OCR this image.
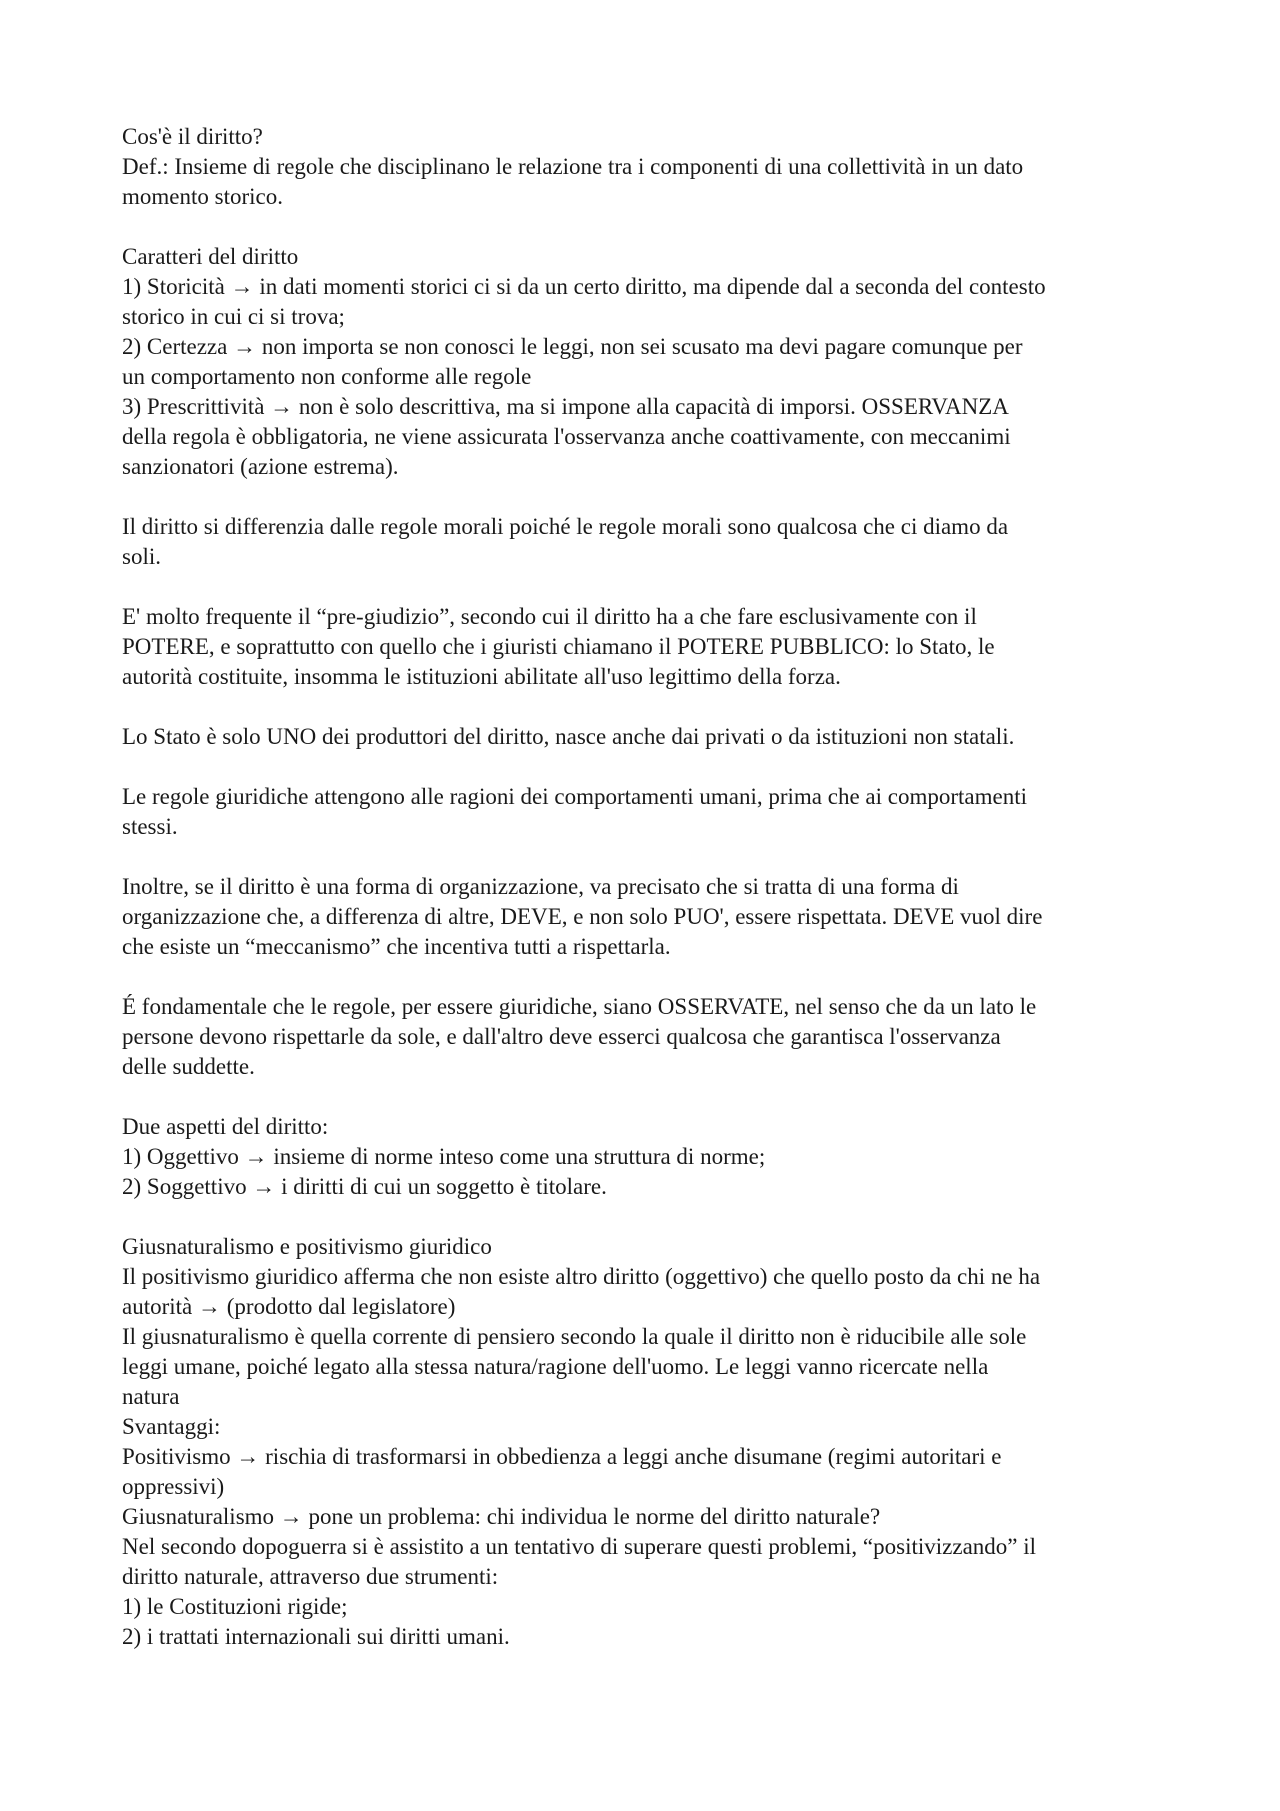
Cos'è il diritto?
Def.: Insieme di regole che disciplinano le relazione tra i componenti di una collettività in un dato
momento storico.
Caratteri del diritto
1) Storicità → in dati momenti storici ci si da un certo diritto, ma dipende dal a seconda del contesto
storico in cui ci si trova;
2) Certezza → non importa se non conosci le leggi, non sei scusato ma devi pagare comunque per
un comportamento non conforme alle regole
3) Prescrittività → non è solo descrittiva, ma si impone alla capacità di imporsi. OSSERVANZA
della regola è obbligatoria, ne viene assicurata l'osservanza anche coattivamente, con meccanimi
sanzionatori (azione estrema).
Il diritto si differenzia dalle regole morali poiché le regole morali sono qualcosa che ci diamo da
soli.
E' molto frequente il “pre-giudizio”, secondo cui il diritto ha a che fare esclusivamente con il
POTERE, e soprattutto con quello che i giuristi chiamano il POTERE PUBBLICO: lo Stato, le
autorità costituite, insomma le istituzioni abilitate all'uso legittimo della forza.
Lo Stato è solo UNO dei produttori del diritto, nasce anche dai privati o da istituzioni non statali.
Le regole giuridiche attengono alle ragioni dei comportamenti umani, prima che ai comportamenti
stessi.
Inoltre, se il diritto è una forma di organizzazione, va precisato che si tratta di una forma di
organizzazione che, a differenza di altre, DEVE, e non solo PUO', essere rispettata. DEVE vuol dire
che esiste un “meccanismo” che incentiva tutti a rispettarla.
É fondamentale che le regole, per essere giuridiche, siano OSSERVATE, nel senso che da un lato le
persone devono rispettarle da sole, e dall'altro deve esserci qualcosa che garantisca l'osservanza
delle suddette.
Due aspetti del diritto:
1) Oggettivo → insieme di norme inteso come una struttura di norme;
2) Soggettivo → i diritti di cui un soggetto è titolare.
Giusnaturalismo e positivismo giuridico
Il positivismo giuridico afferma che non esiste altro diritto (oggettivo) che quello posto da chi ne ha
autorità → (prodotto dal legislatore)
Il giusnaturalismo è quella corrente di pensiero secondo la quale il diritto non è riducibile alle sole
leggi umane, poiché legato alla stessa natura/ragione dell'uomo. Le leggi vanno ricercate nella
natura
Svantaggi:
Positivismo → rischia di trasformarsi in obbedienza a leggi anche disumane (regimi autoritari e
oppressivi)
Giusnaturalismo → pone un problema: chi individua le norme del diritto naturale?
Nel secondo dopoguerra si è assistito a un tentativo di superare questi problemi, “positivizzando” il
diritto naturale, attraverso due strumenti:
1) le Costituzioni rigide;
2) i trattati internazionali sui diritti umani.
